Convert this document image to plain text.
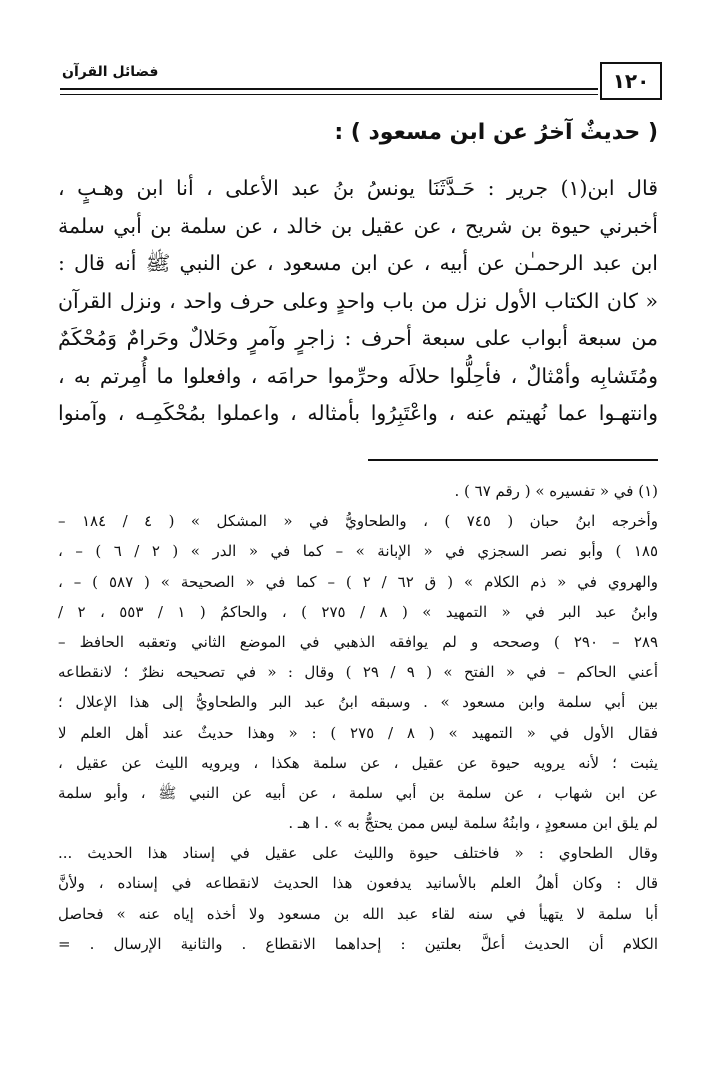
١٢٠
فضائل القرآن
( حديثٌ آخرُ عن ابن مسعود ) :
قال ابن(١) جرير : حَـدَّثَنَا يونسُ بنُ عبد الأعلى ، أنا ابن وهـبٍ ،
أخبرني حيوة بن شريح ، عن عقيل بن خالد ، عن سلمة بن أبي سلمة
ابن عبد الرحمـٰن عن أبيه ، عن ابن مسعود ، عن النبي ﷺ أنه قال :
« كان الكتاب الأول نزل من باب واحدٍ وعلى حرف واحد ، ونزل القرآن
من سبعة أبواب على سبعة أحرف : زاجرٍ وآمرٍ وحَلالٌ وحَرامٌ وَمُحْكَمٌ
ومُتَشابِه وأمْثالٌ ، فأحِلُّوا حلالَه وحرِّموا حرامَه ، وافعلوا ما أُمِرتم به ،
وانتهـوا عما نُهيتم عنه ، واعْتَبِرُوا بأمثاله ، واعملوا بمُحْكَمِـه ، وآمنوا
(١) في « تفسيره » ( رقم ٦٧ ) .
وأخرجه ابنُ حبان ( ٧٤٥ ) ، والطحاويُّ في « المشكل » ( ٤ / ١٨٤ –
١٨٥ ) وأبو نصر السجزي في « الإبانة » – كما في « الدر » ( ٢ / ٦ ) – ،
والهروي في « ذم الكلام » ( ق ٦٢ / ٢ ) – كما في « الصحيحة » ( ٥٨٧ ) – ،
وابنُ عبد البر في « التمهيد » ( ٨ / ٢٧٥ ) ، والحاكمُ ( ١ / ٥٥٣ ، ٢ /
٢٨٩ – ٢٩٠ ) وصححه و لم يوافقه الذهبي في الموضع الثاني وتعقبه الحافظ –
أعني الحاكم – في « الفتح » ( ٩ / ٢٩ ) وقال : « في تصحيحه نظرٌ ؛ لانقطاعه
بين أبي سلمة وابن مسعود » . وسبقه ابنُ عبد البر والطحاويُّ إلى هذا الإعلال ؛
فقال الأول في « التمهيد » ( ٨ / ٢٧٥ ) : « وهذا حديثٌ عند أهل العلم لا
يثبت ؛ لأنه يرويه حيوة عن عقيل ، عن سلمة هكذا ، ويرويه الليث عن عقيل ،
عن ابن شهاب ، عن سلمة بن أبي سلمة ، عن أبيه عن النبي ﷺ ، وأبو سلمة
لم يلق ابن مسعودٍ ، وابنُهُ سلمة ليس ممن يحتجُّ به » . ا هـ .
وقال الطحاوي : « فاختلف حيوة والليث على عقيل في إسناد هذا الحديث ...
قال : وكان أهلُ العلم بالأسانيد يدفعون هذا الحديث لانقطاعه في إسناده ، ولأنَّ
أبا سلمة لا يتهيأ في سنه لقاء عبد الله بن مسعود ولا أخذه إياه عنه » فحاصل
الكلام أن الحديث أعلَّ بعلتين : إحداهما الانقطاع . والثانية الإرسال . =
